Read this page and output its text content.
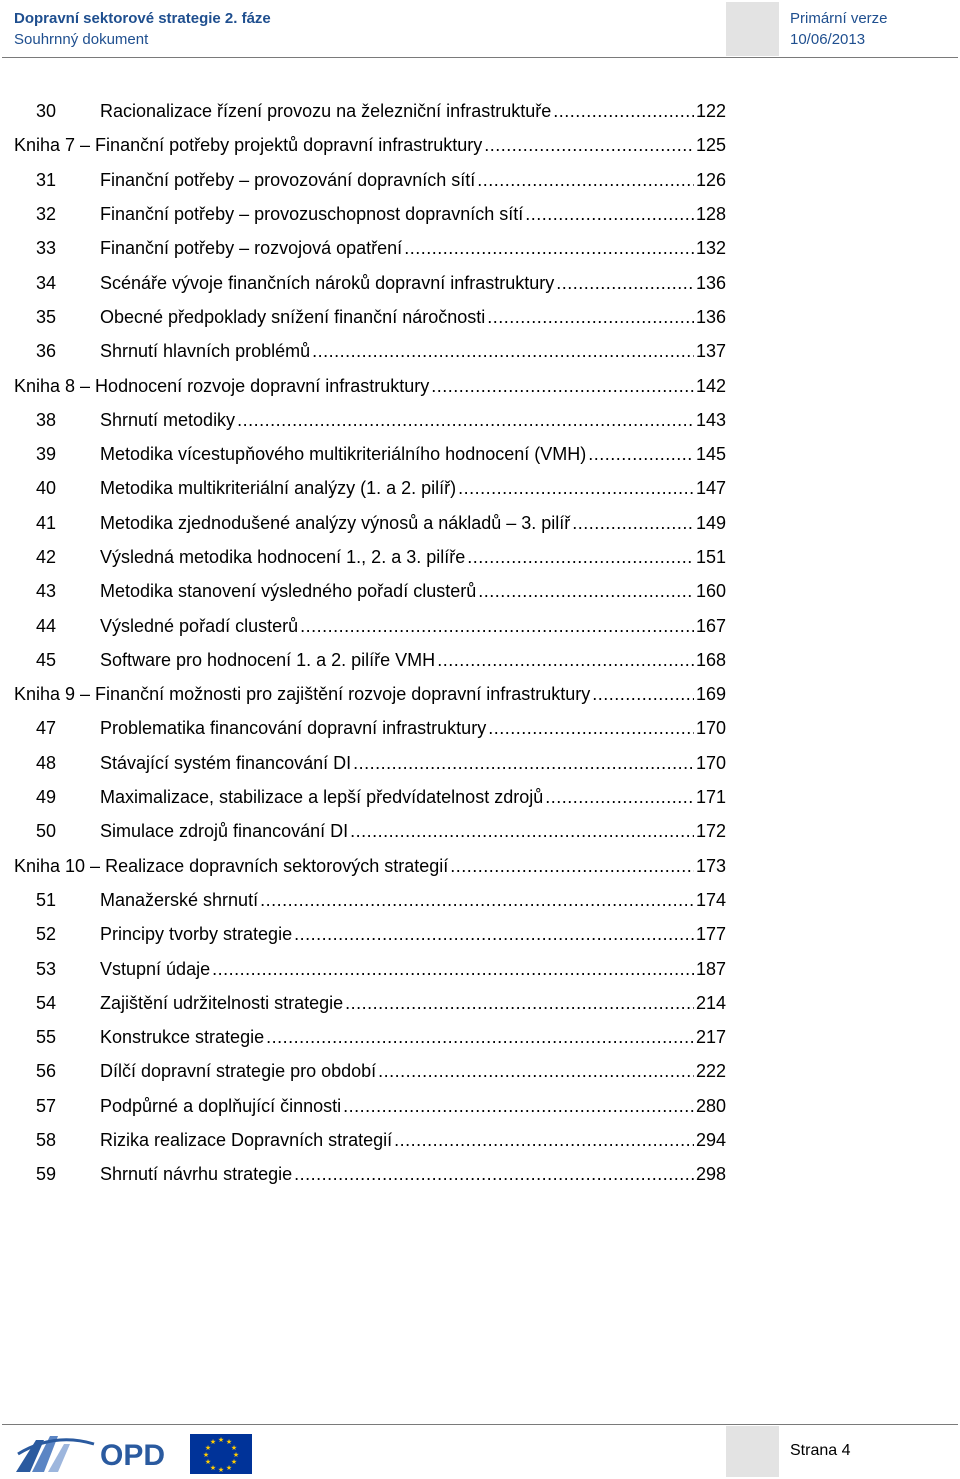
Dopravní sektorové strategie 2. fáze
Souhrnný dokument
Primární verze
10/06/2013
30	Racionalizace řízení provozu na železniční infrastruktuře .....	122
Kniha 7 – Finanční potřeby projektů dopravní infrastruktury .....	125
31	Finanční potřeby – provozování dopravních sítí .....	126
32	Finanční potřeby – provozuschopnost dopravních sítí .....	128
33	Finanční potřeby – rozvojová opatření .....	132
34	Scénáře vývoje finančních nároků dopravní infrastruktury .....	136
35	Obecné předpoklady snížení finanční náročnosti .....	136
36	Shrnutí hlavních problémů .....	137
Kniha 8 – Hodnocení rozvoje dopravní infrastruktury .....	142
38	Shrnutí metodiky .....	143
39	Metodika vícestupňového multikriteriálního hodnocení (VMH) .....	145
40	Metodika multikriteriální analýzy (1. a 2. pilíř) .....	147
41	Metodika zjednodušené analýzy výnosů a nákladů – 3. pilíř .....	149
42	Výsledná metodika hodnocení 1., 2. a 3. pilíře .....	151
43	Metodika stanovení výsledného pořadí clusterů .....	160
44	Výsledné pořadí clusterů .....	167
45	Software pro hodnocení 1. a 2. pilíře VMH .....	168
Kniha 9 – Finanční možnosti pro zajištění rozvoje dopravní infrastruktury .....	169
47	Problematika financování dopravní infrastruktury .....	170
48	Stávající systém financování DI .....	170
49	Maximalizace, stabilizace a lepší předvídatelnost zdrojů .....	171
50	Simulace zdrojů financování DI .....	172
Kniha 10 – Realizace dopravních sektorových strategií .....	173
51	Manažerské shrnutí .....	174
52	Principy tvorby strategie .....	177
53	Vstupní údaje .....	187
54	Zajištění udržitelnosti strategie .....	214
55	Konstrukce strategie .....	217
56	Dílčí dopravní strategie pro období .....	222
57	Podpůrné a doplňující činnosti .....	280
58	Rizika realizace Dopravních strategií .....	294
59	Shrnutí návrhu strategie .....	298
OPD	★ ★
★
★
★
★
★
★
★
★
★
★	Strana 4
